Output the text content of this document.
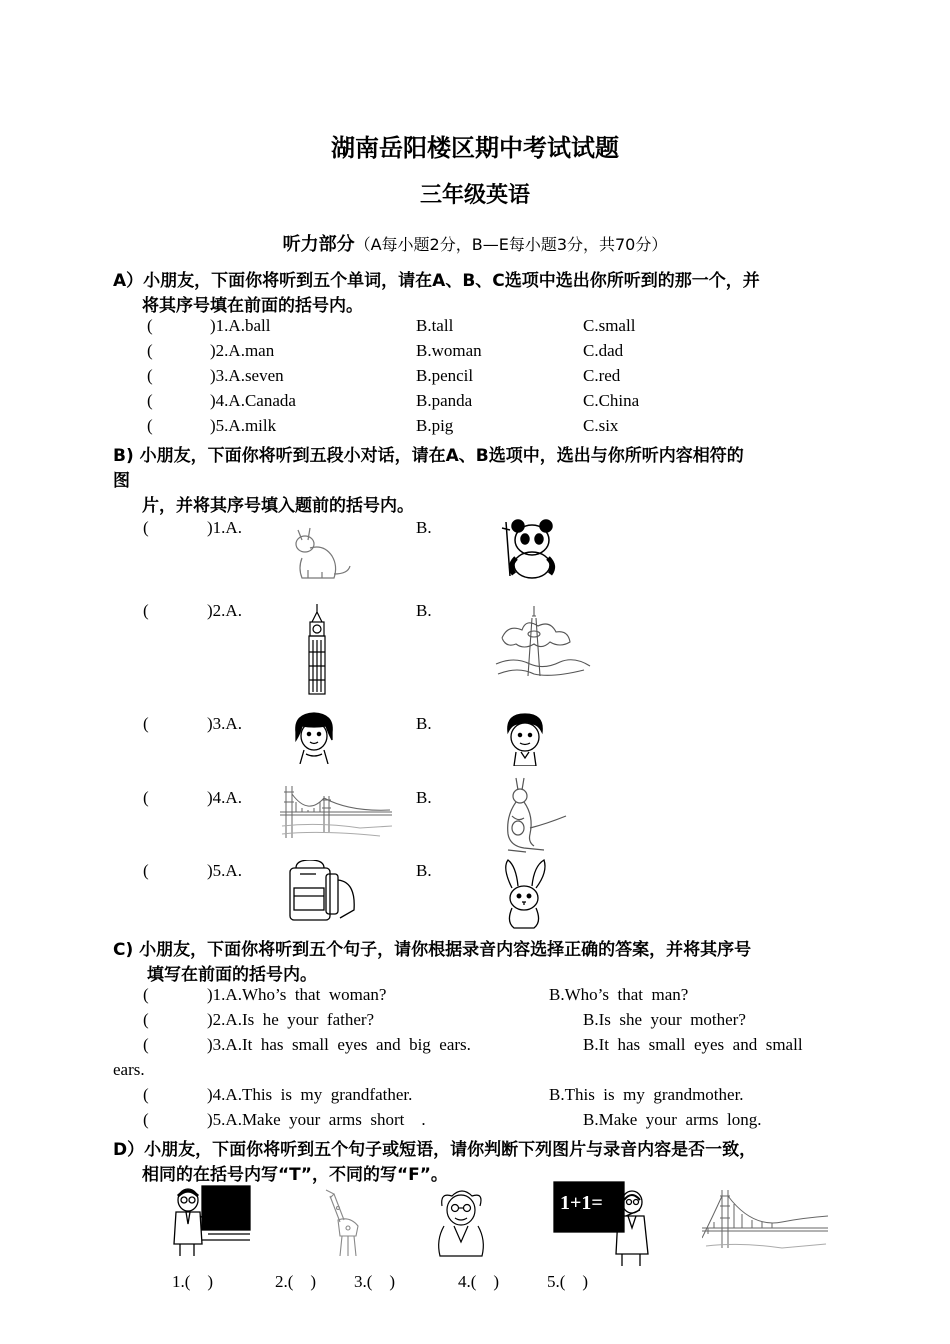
湖南岳阳楼区期中考试试题
三年级英语
听力部分（A每小题2分，B—E每小题3分，共70分）
A）小朋友，下面你将听到五个单词，请在A、B、C选项中选出你所听到的那一个，并
将其序号填在前面的括号内。
(	)1.A.ball	B.tall	C.small
(	)2.A.man	B.woman	C.dad
(	)3.A.seven	B.pencil	C.red
(	)4.A.Canada	B.panda	C.China
(	)5.A.milk	B.pig	C.six
B) 小朋友，下面你将听到五段小对话，请在A、B选项中，选出与你所听内容相符的
图
片，并将其序号填入题前的括号内。
(	)1.A.	B.
(	)2.A.	B.
(	)3.A.	B.
(	)4.A.	B.
(	)5.A.	B.
C) 小朋友，下面你将听到五个句子，请你根据录音内容选择正确的答案，并将其序号
填写在前面的括号内。
(	)1.A.Who’s  that  woman?	B.Who’s  that  man?
(	)2.A.Is  he  your  father?	B.Is  she  your  mother?
(	)3.A.It  has  small  eyes  and  big  ears.	B.It  has  small  eyes  and  small
ears.
(	)4.A.This  is  my  grandfather.	B.This  is  my  grandmother.
(	)5.A.Make  your  arms  short    .	B.Make  your  arms  long.
D）小朋友，下面你将听到五个句子或短语，请你判断下列图片与录音内容是否一致，
相同的在括号内写“T”，不同的写“F”。
1+1=
1.(    )	2.(    ) 3.(    )	4.(    )	5.(    )
